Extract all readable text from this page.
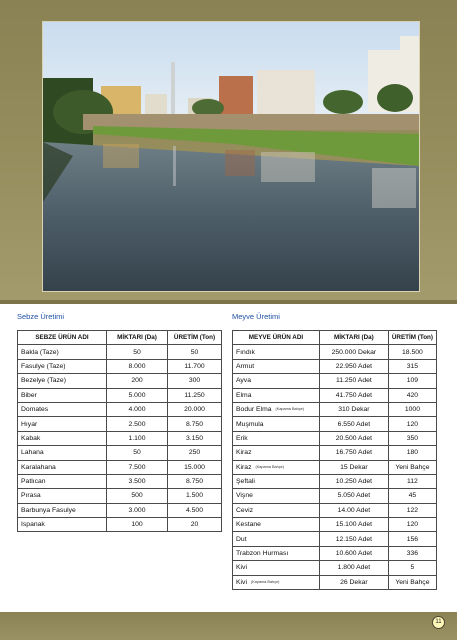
Sebze Üretimi	Meyve Üretimi
SEBZE ÜRÜN ADI	MİKTARI (Da)	ÜRETİM (Ton)
Bakla (Taze)	50	50
Fasulye (Taze)	8.000	11.700
Bezelye (Taze)	200	300
Biber	5.000	11.250
Domates	4.000	20.000
Hıyar	2.500	8.750
Kabak	1.100	3.150
Lahana	50	250
Karalahana	7.500	15.000
Patlıcan	3.500	8.750
Pırasa	500	1.500
Barbunya Fasulye	3.000	4.500
Ispanak	100	20
MEYVE ÜRÜN ADI	MİKTARI (Da)	ÜRETİM (Ton)
Fındık	250.000 Dekar	18.500
Armut	22.950 Adet	315
Ayva	11.250 Adet	109
Elma	41.750 Adet	420
Bodur Elma (Kapama Bahçe)	310 Dekar	1000
Muşmula	6.550 Adet	120
Erik	20.500 Adet	350
Kiraz	16.750 Adet	180
Kiraz (Kapama Bahçe)	15 Dekar	Yeni Bahçe
Şeftali	10.250 Adet	112
Vişne	5.050 Adet	45
Ceviz	14.00 Adet	122
Kestane	15.100 Adet	120
Dut	12.150 Adet	156
Trabzon Hurması	10.600 Adet	336
Kivi	1.800 Adet	5
Kivi (Kapama Bahçe)	26 Dekar	Yeni Bahçe
11
